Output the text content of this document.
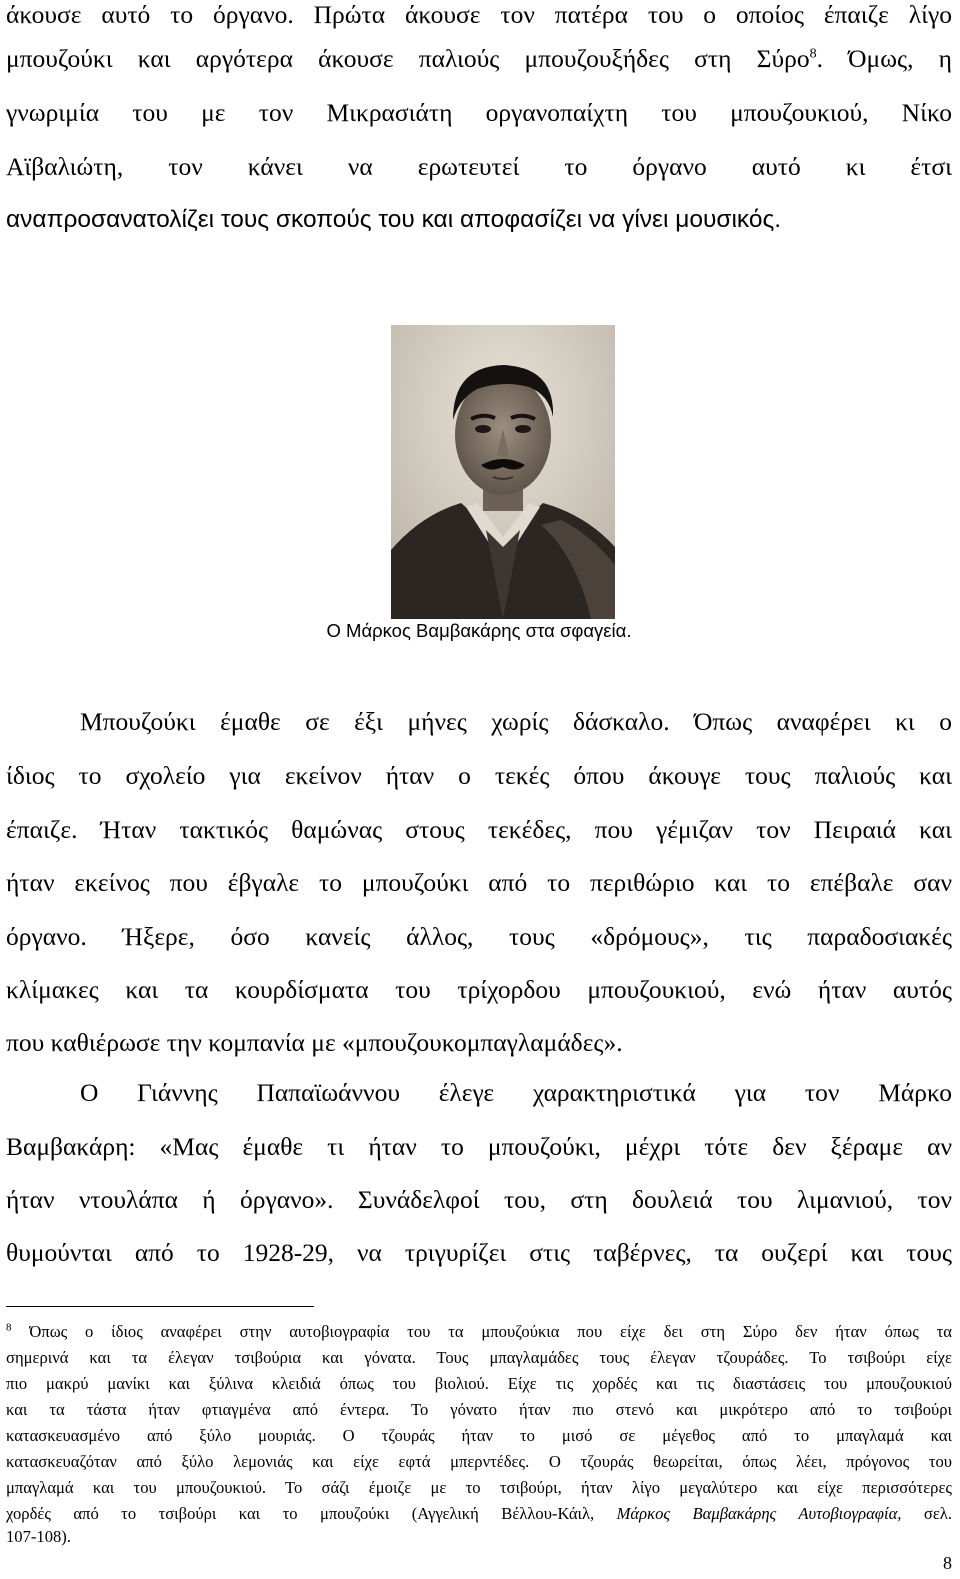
άκουσε αυτό το όργανο. Πρώτα άκουσε τον πατέρα του ο οποίος έπαιζε λίγο
μπουζούκι και αργότερα άκουσε παλιούς μπουζουξήδες στη Σύρο$^8$. Όμως, η
γνωριμία του με τον Μικρασιάτη οργανοπαίχτη του μπουζουκιού, Νίκο
Αϊβαλιώτη, τον κάνει να ερωτευτεί το όργανο αυτό κι έτσι
αναπροσανατολίζει τους σκοπούς του και αποφασίζει να γίνει μουσικός.
Ο Μάρκος Βαμβακάρης στα σφαγεία.
Μπουζούκι έμαθε σε έξι μήνες χωρίς δάσκαλο. Όπως αναφέρει κι ο
ίδιος το σχολείο για εκείνον ήταν ο τεκές όπου άκουγε τους παλιούς και
έπαιζε. Ήταν τακτικός θαμώνας στους τεκέδες, που γέμιζαν τον Πειραιά και
ήταν εκείνος που έβγαλε το μπουζούκι από το περιθώριο και το επέβαλε σαν
όργανο. Ήξερε, όσο κανείς άλλος, τους «δρόμους», τις παραδοσιακές
κλίμακες και τα κουρδίσματα του τρίχορδου μπουζουκιού, ενώ ήταν αυτός
που καθιέρωσε την κομπανία με «μπουζουκομπαγλαμάδες».
Ο Γιάννης Παπαϊωάννου έλεγε χαρακτηριστικά για τον Μάρκο
Βαμβακάρη: «Μας έμαθε τι ήταν το μπουζούκι, μέχρι τότε δεν ξέραμε αν
ήταν ντουλάπα ή όργανο». Συνάδελφοί του, στη δουλειά του λιμανιού, τον
θυμούνται από το 1928-29, να τριγυρίζει στις ταβέρνες, τα ουζερί και τους
$^8$ Όπως ο ίδιος αναφέρει στην αυτοβιογραφία του τα μπουζούκια που είχε δει στη Σύρο δεν ήταν όπως τα
σημερινά και τα έλεγαν τσιβούρια και γόνατα. Τους μπαγλαμάδες τους έλεγαν τζουράδες. Το τσιβούρι είχε
πιο μακρύ μανίκι και ξύλινα κλειδιά όπως του βιολιού. Είχε τις χορδές και τις διαστάσεις του μπουζουκιού
και τα τάστα ήταν φτιαγμένα από έντερα. Το γόνατο ήταν πιο στενό και μικρότερο από το τσιβούρι
κατασκευασμένο από ξύλο μουριάς. Ο τζουράς ήταν το μισό σε μέγεθος από το μπαγλαμά και
κατασκευαζόταν από ξύλο λεμονιάς και είχε εφτά μπερντέδες. Ο τζουράς θεωρείται, όπως λέει, πρόγονος του
μπαγλαμά και του μπουζουκιού. Το σάζι έμοιζε με το τσιβούρι, ήταν λίγο μεγαλύτερο και είχε περισσότερες
χορδές από το τσιβούρι και το μπουζούκι (Αγγελική Βέλλου-Κάιλ, Μάρκος Βαμβακάρης Αυτοβιογραφία, σελ.
107-108).
8
